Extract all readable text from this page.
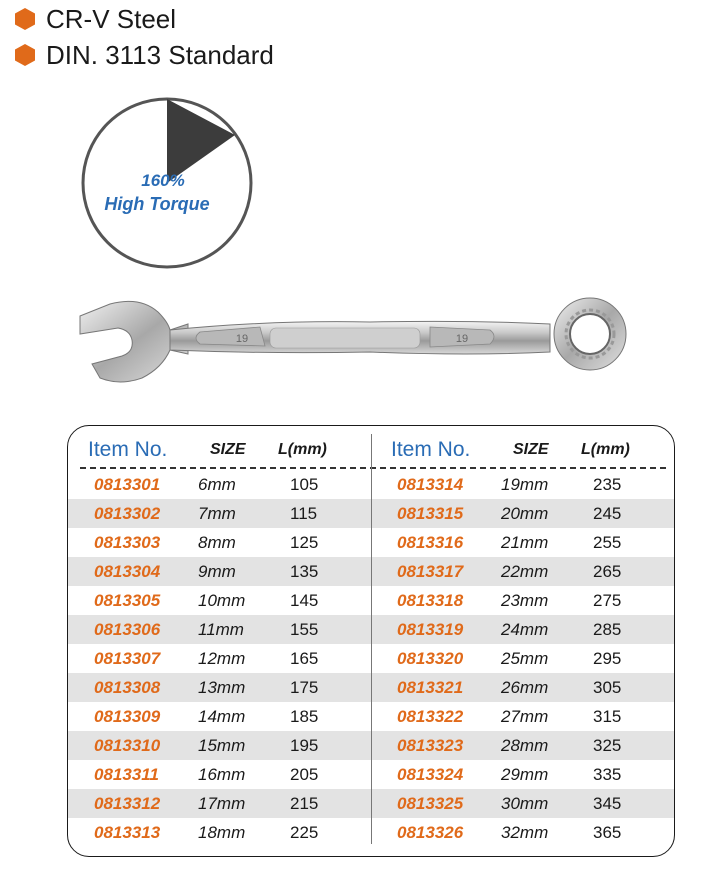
CR-V Steel
DIN. 3113 Standard
160%
High Torque
19	19
Item No.	SIZE L(mm)
0813301 6mm	105
0813302 7mm	115
0813303 8mm	125
0813304 9mm	135
0813305 10mm	145
0813306 11mm	155
0813307 12mm	165
0813308 13mm	175
0813309 14mm	185
0813310 15mm	195
0813311 16mm	205
0813312 17mm	215
0813313 18mm	225
Item No.	SIZE L(mm)
0813314 19mm	235
0813315 20mm	245
0813316 21mm	255
0813317 22mm	265
0813318 23mm	275
0813319 24mm	285
0813320 25mm	295
0813321 26mm	305
0813322 27mm	315
0813323 28mm	325
0813324 29mm	335
0813325 30mm	345
0813326 32mm	365
